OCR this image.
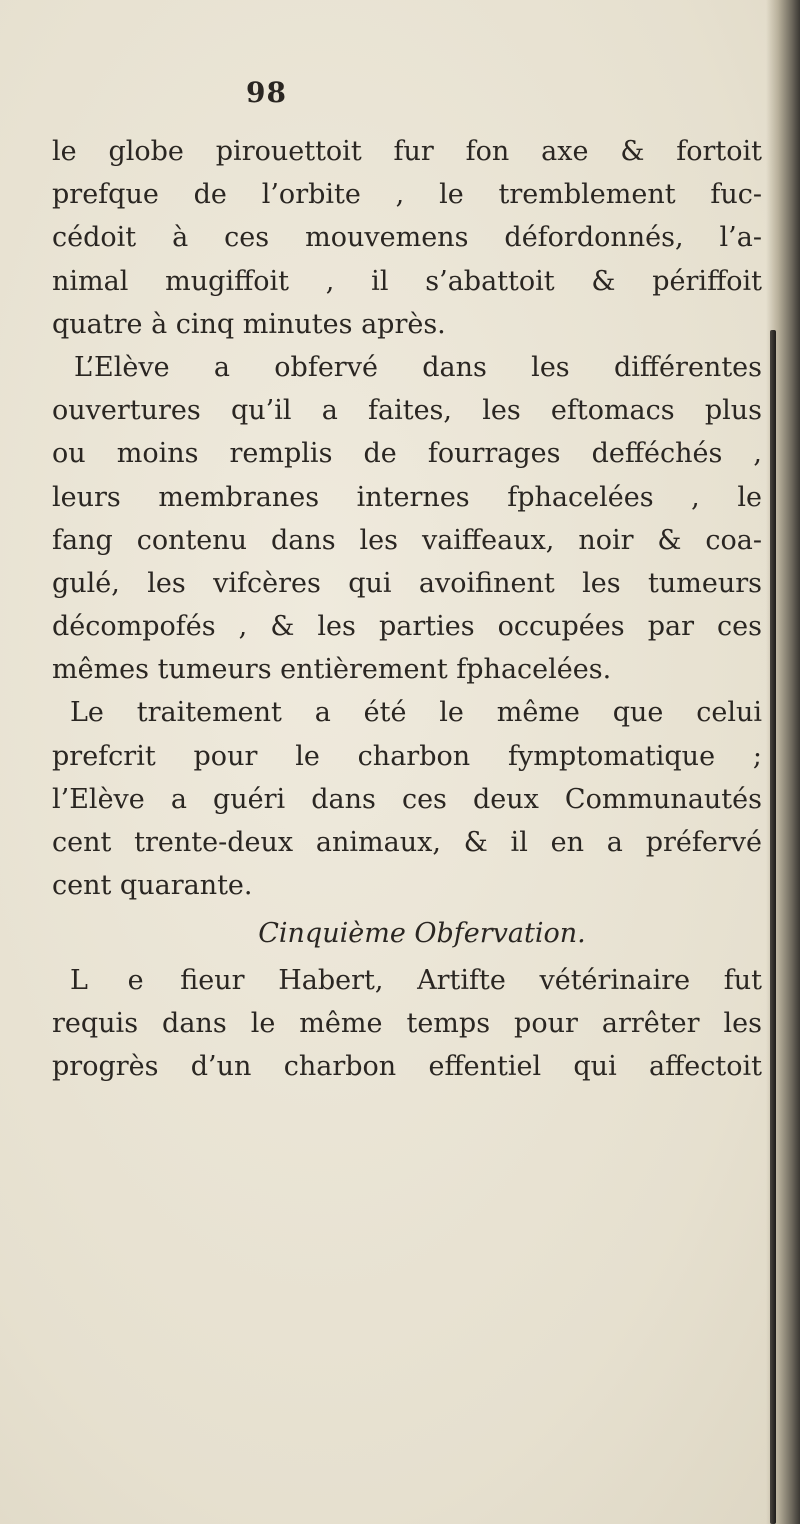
98
le globe pirouettoit fur fon axe & fortoit
prefque de l’orbite , le tremblement fuc-
cédoit à ces mouvemens défordonnés, l’a-
nimal mugiffoit , il s’abattoit & périffoit
quatre à cinq minutes après.
L’Elève a obfervé dans les différentes
ouvertures qu’il a faites, les eftomacs plus
ou moins remplis de fourrages defféchés ,
leurs membranes internes fphacelées , le
fang contenu dans les vaiffeaux, noir & coa-
gulé, les vifcères qui avoifinent les tumeurs
décompofés , & les parties occupées par ces
mêmes tumeurs entièrement fphacelées.
Le traitement a été le même que celui
prefcrit pour le charbon fymptomatique ;
l’Elève a guéri dans ces deux Communautés
cent trente-deux animaux, & il en a préfervé
cent quarante.
Cinquième Obfervation.
L e fieur Habert, Artifte vétérinaire fut
requis dans le même temps pour arrêter les
progrès d’un charbon effentiel qui affectoit
